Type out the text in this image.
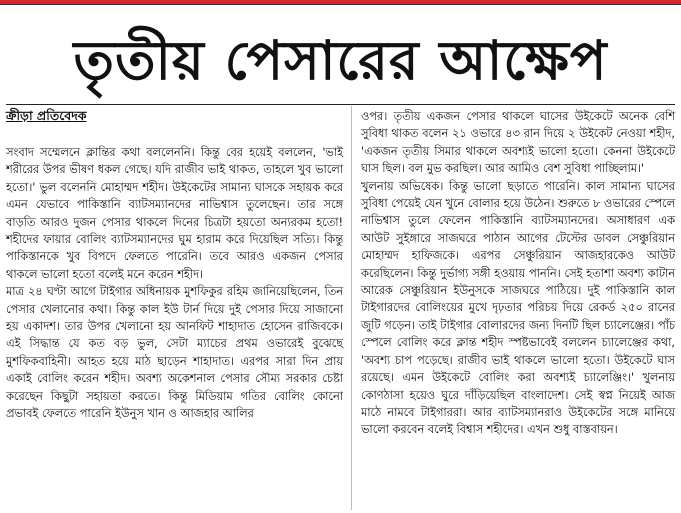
তৃতীয় পেসারের আক্ষেপ
ক্রীড়া প্রতিবেদক

সংবাদ সম্মেলনে ক্লান্তির কথা বললেননি। কিন্তু বের হয়েই বললেন, 'ভাই শরীরের উপর ভীষণ ধকল গেছে। যদি রাজীব ভাই থাকত, তাহলে খুব ভালো হতো।' ভুল বলেননি মোহাম্মদ শহীদ। উইকেটের সামান্য ঘাসকে সহায়ক করে এমন যেভাবে পাকিস্তানি ব্যাটসম্যানদের নাভিশ্বাস তুলেছেন। তার সঙ্গে বাড়তি আরও দুজন পেসার থাকলে দিনের চিত্রটা হয়তো অন্যরকম হতো! শহীদের ফায়ার বোলিং ব্যাটসম্যানদের ঘুম হারাম করে দিয়েছিল সত্যি। কিন্তু পাকিস্তানকে খুব বিপদে ফেলতে পারেনি। তবে আরও একজন পেসার থাকলে ভালো হতো বলেই মনে করেন শহীদ।

মাত্র ২৪ ঘণ্টা আগে টাইগার অধিনায়ক মুশফিকুর রহিম জানিয়েছিলেন, তিন পেসার খেলানোর কথা। কিন্তু কাল ইউ টার্ন দিয়ে দুই পেসার দিয়ে সাজানো হয় একাদশ। তার উপর খেলানো হয় আনফিট শাহাদাত হোসেন রাজিবকে। এই সিদ্ধান্ত যে কত বড় ভুল, সেটা ম্যাচের প্রথম ওভারেই বুঝেছে মুশফিকবাহিনী। আহত হয়ে মাঠ ছাড়েন শাহাদাত। এরপর সারা দিন প্রায় একাই বোলিং করেন শহীদ। অবশ্য অকেশনাল পেসার সৌম্য সরকার চেষ্টা করেছেন কিছুটা সহায়তা করতে। কিন্তু মিডিয়াম গতির বোলিং কোনো প্রভাবই ফেলতে পারেনি ইউনুস খান ও আজহার আলির

ওপর। তৃতীয় একজন পেসার থাকলে ঘাসের উইকেটে অনেক বেশি সুবিধা থাকত বলেন ২১ ওভারে ৪৩ রান দিয়ে ২ উইকেট নেওয়া শহীদ, 'একজন তৃতীয় সিমার থাকলে অবশ্যই ভালো হতো। কেননা উইকেটে ঘাস ছিল। বল মুভ করছিল। আর আমিও বেশ সুবিধা পাচ্ছিলাম।'

খুলনায় অভিষেক। কিন্তু ভালো ছড়াতে পারেনি। কাল সামান্য ঘাসের সুবিধা পেয়েই যেন খুনে বোলার হয়ে উঠেন। শুরুতে ৮ ওভারের স্পেলে নাভিশ্বাস তুলে ফেলেন পাকিস্তানি ব্যাটসম্যানদের। অসাধারণ এক আউট সুইঙ্গারে সাজঘরে পাঠান আগের টেস্টের ডাবল সেঞ্চুরিয়ান মোহাম্মদ হাফিজকে। এরপর সেঞ্চুরিয়ান আজহারকেও আউট করেছিলেন। কিন্তু দুর্ভাগ্য সঙ্গী হওয়ায় পাননি। সেই হতাশা অবশ্য কাটান আরেক সেঞ্চুরিয়ান ইউনুসকে সাজঘরে পাঠিয়ে। দুই পাকিস্তানি কাল টাইগারদের বোলিংয়ের মুখে দৃঢ়তার পরিচয় দিয়ে রেকর্ড ২৫০ রানের জুটি গড়েন। তাই টাইগার বোলারদের জন্য দিনটি ছিল চ্যালেঞ্জের। পাঁচ স্পেলে বোলিং করে ক্লান্ত শহীদ স্পষ্টভাবেই বললেন চ্যালেঞ্জের কথা, 'অবশ্য চাপ পড়েছে। রাজীব ভাই থাকলে ভালো হতো। উইকেটে ঘাস রয়েছে। এমন উইকেটে বোলিং করা অবশ্যই চ্যালেঞ্জিং।' খুলনায় কোণঠাসা হয়েও ঘুরে দাঁড়িয়েছিল বাংলাদেশ। সেই স্বপ্ন নিয়েই আজ মাঠে নামবে টাইগাররা। আর ব্যাটসম্যানরাও উইকেটের সঙ্গে মানিয়ে ভালো করবেন বলেই বিশ্বাস শহীদের। এখন শুধু বাস্তবায়ন।
